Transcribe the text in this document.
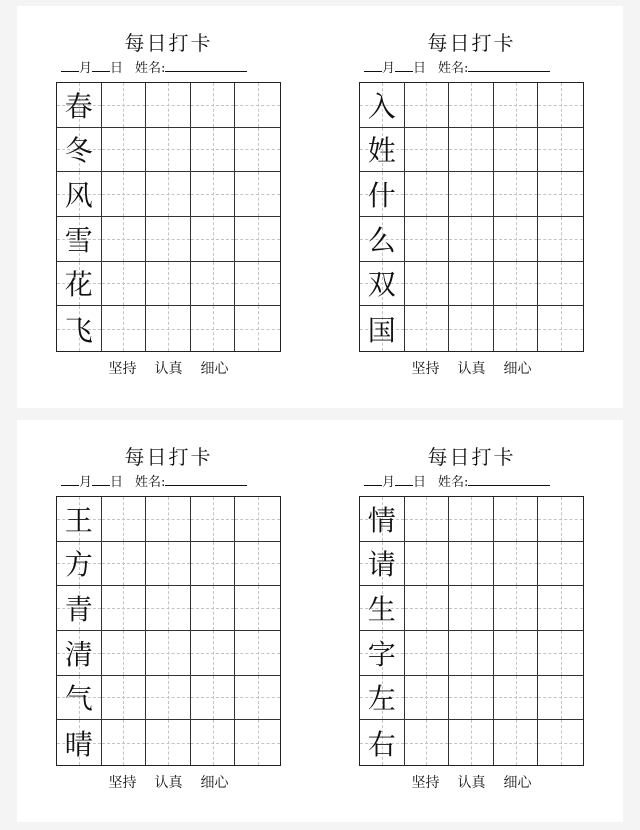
每日打卡
月 日 姓名:
春
冬
风
雪
花
飞
坚持 认真 细心
每日打卡
月 日 姓名:
入
姓
什
么
双
国
坚持 认真 细心
每日打卡
月 日 姓名:
王
方
青
清
气
晴
坚持 认真 细心
每日打卡
月 日 姓名:
情
请
生
字
左
右
坚持 认真 细心
